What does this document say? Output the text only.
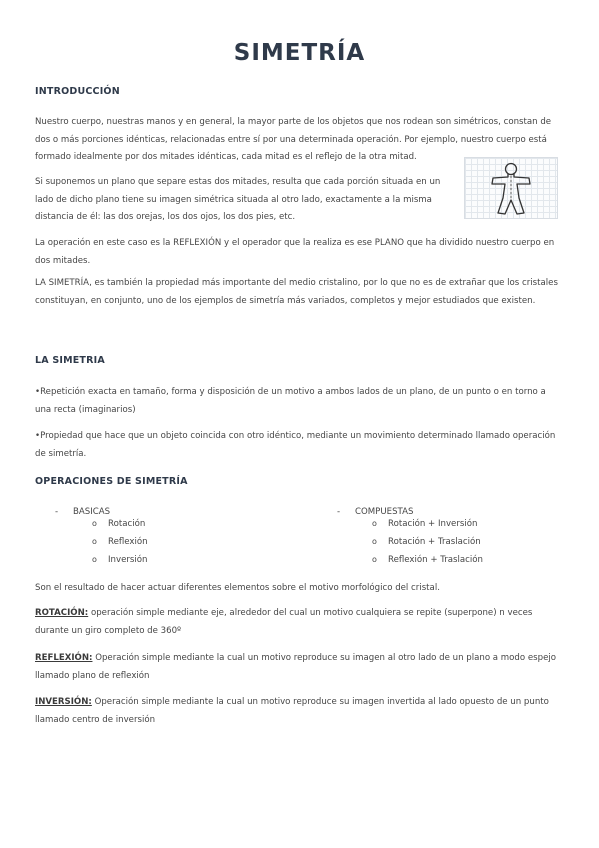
SIMETRÍA
INTRODUCCIÓN

Nuestro cuerpo, nuestras manos y en general, la mayor parte de los objetos que nos rodean son simétricos, constan de dos o más porciones idénticas, relacionadas entre sí por una determinada operación. Por ejemplo, nuestro cuerpo está formado idealmente por dos mitades idénticas, cada mitad es el reflejo de la otra mitad.

Si suponemos un plano que separe estas dos mitades, resulta que cada porción situada en un lado de dicho plano tiene su imagen simétrica situada al otro lado, exactamente a la misma distancia de él: las dos orejas, los dos ojos, los dos pies, etc.

La operación en este caso es la REFLEXIÓN y el operador que la realiza es ese PLANO que ha dividido nuestro cuerpo en dos mitades.

LA SIMETRÍA, es también la propiedad más importante del medio cristalino, por lo que no es de extrañar que los cristales constituyan, en conjunto, uno de los ejemplos de simetría más variados, completos y mejor estudiados que existen.

LA SIMETRIA

•Repetición exacta en tamaño, forma y disposición de un motivo a ambos lados de un plano, de un punto o en torno a una recta (imaginarios)

•Propiedad que hace que un objeto coincida con otro idéntico, mediante un movimiento determinado llamado operación de simetría.

OPERACIONES DE SIMETRÍA
- BASICAS
o Rotación
o Reflexión
o Inversión
- COMPUESTAS
o Rotación + Inversión
o Rotación + Traslación
o Reflexión + Traslación

Son el resultado de hacer actuar diferentes elementos sobre el motivo morfológico del cristal.

ROTACIÓN: operación simple mediante eje, alrededor del cual un motivo cualquiera se repite (superpone) n veces durante un giro completo de 360º

REFLEXIÓN: Operación simple mediante la cual un motivo reproduce su imagen al otro lado de un plano a modo espejo llamado plano de reflexión

INVERSIÓN: Operación simple mediante la cual un motivo reproduce su imagen invertida al lado opuesto de un punto llamado centro de inversión
